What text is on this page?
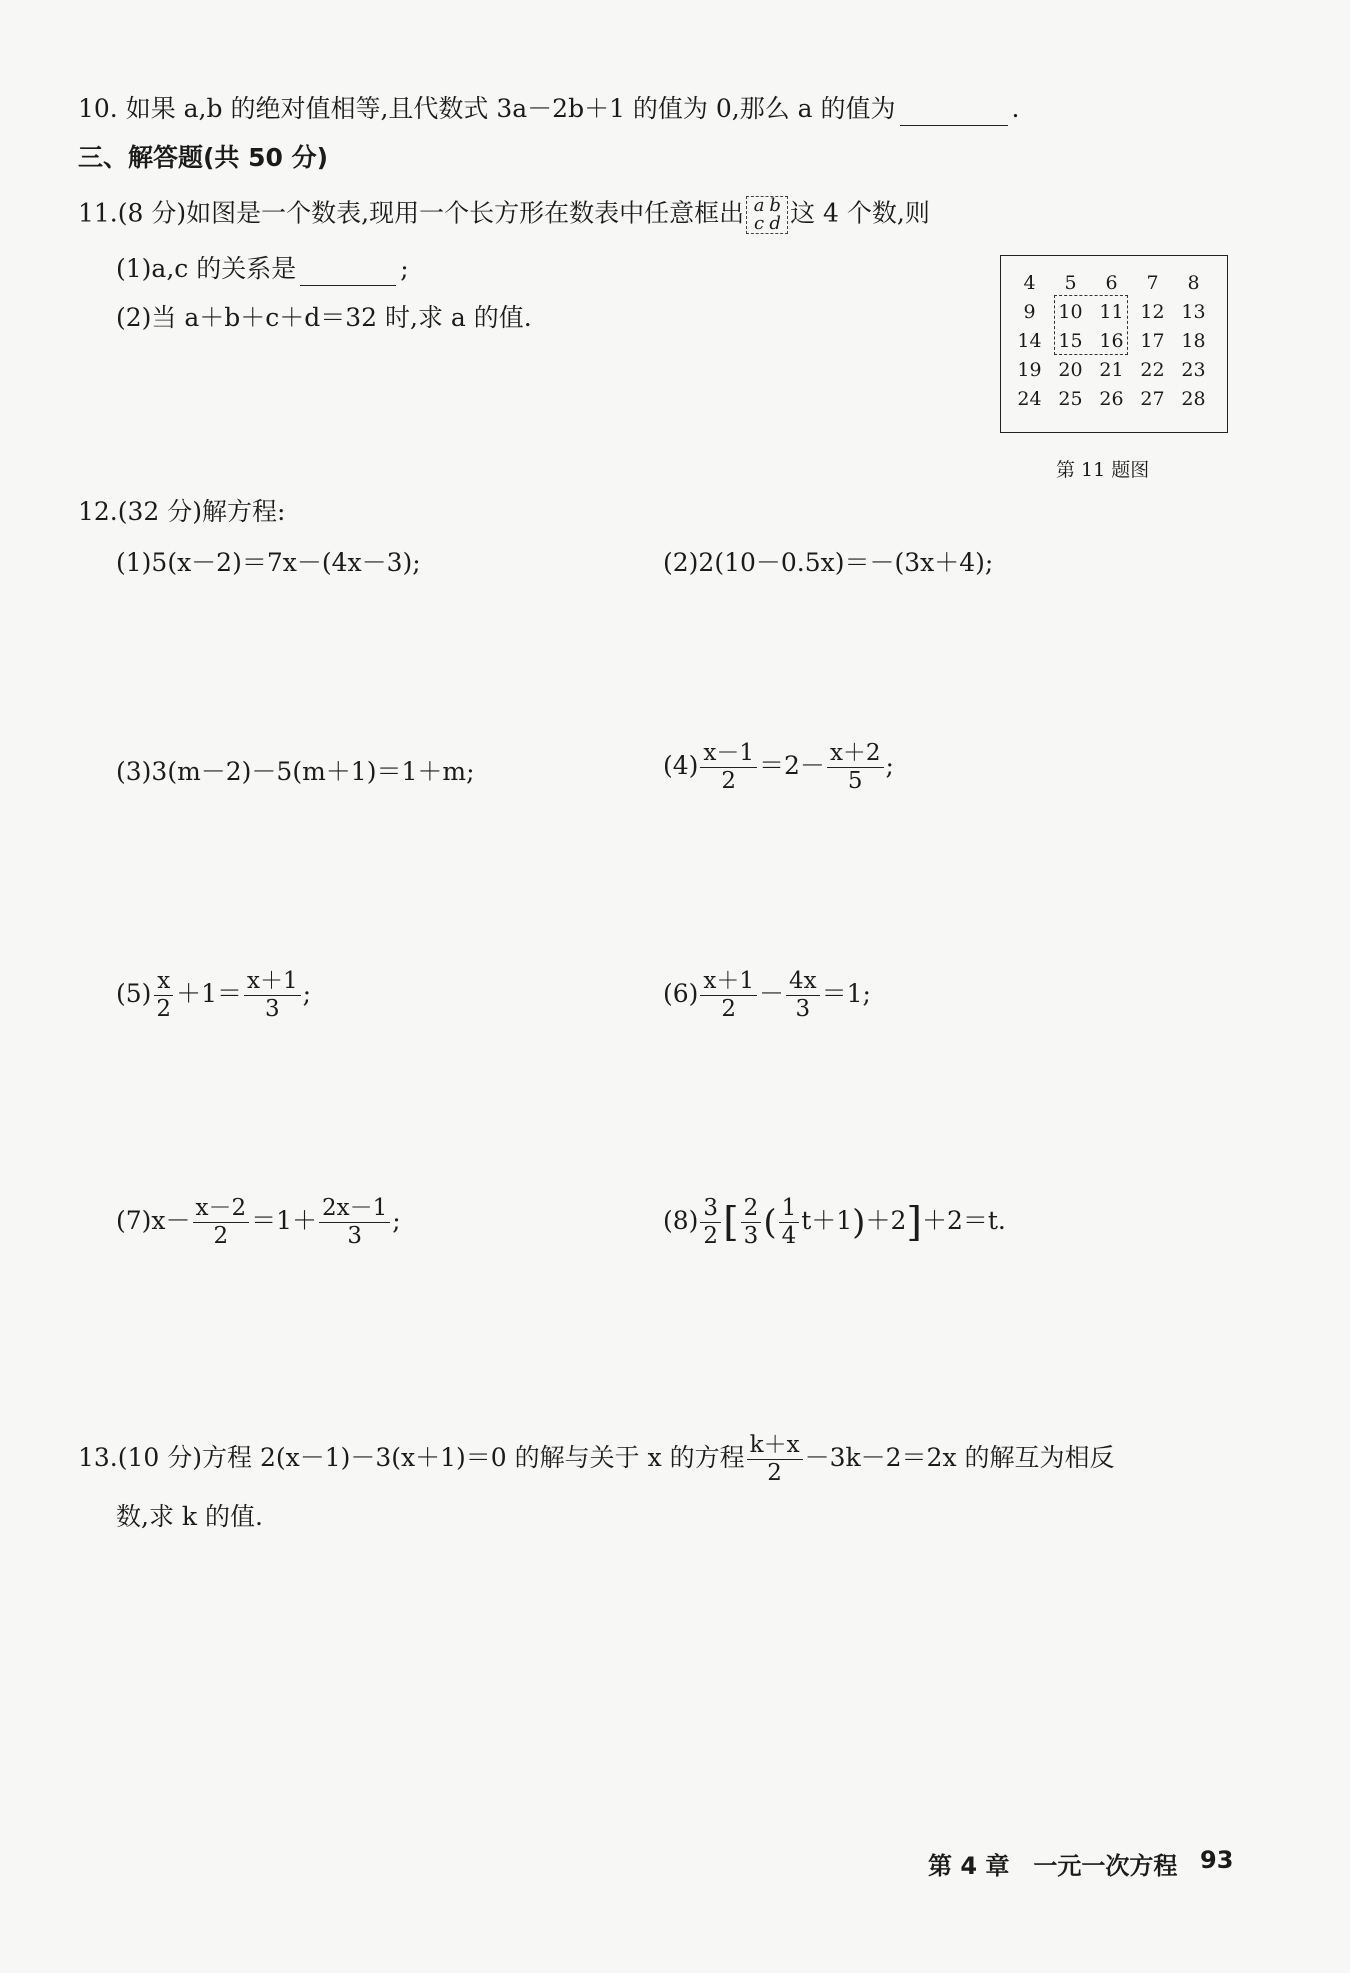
10. 如果 a,b 的绝对值相等,且代数式 3a－2b＋1 的值为 0,那么 a 的值为	.
三、解答题(共 50 分)
11.(8 分)如图是一个数表,现用一个长方形在数表中任意框出 a b
c d 这 4 个数,则
(1)a,c 的关系是	;
(2)当 a＋b＋c＋d＝32 时,求 a 的值.
4	5	6	7	8
9	10	11	12	13
14	15	16	17	18
19	20	21	22	23
24	25	26	27	28
第 11 题图
12.(32 分)解方程:
(1)5(x－2)＝7x－(4x－3);	(2)2(10－0.5x)＝－(3x＋4);
(3)3(m－2)－5(m＋1)＝1＋m;	$(4) \frac{x-1}{2} =2- \frac{x+2}{5}$ ;
$(5) \frac{x}{2} +1= \frac{x+1}{3}$ ;	$(6) \frac{x+1}{2} - \frac{4x}{3} =1$;
$(7)x- \frac{x-2}{2} =1+ \frac{2x-1}{3}$ ;	$(8) \frac{3}{2}$ [ $\frac{2}{3}$ ( $\frac{1}{4} t+1)+2]+2=t$.
13.(10 分)方程 2(x－1)－3(x＋1)＝0 的解与关于 x 的方程 $\frac{k+x}{2} -3k-2=2x$ 的解互为相反
数,求 k 的值.
第 4 章　一元一次方程 93
